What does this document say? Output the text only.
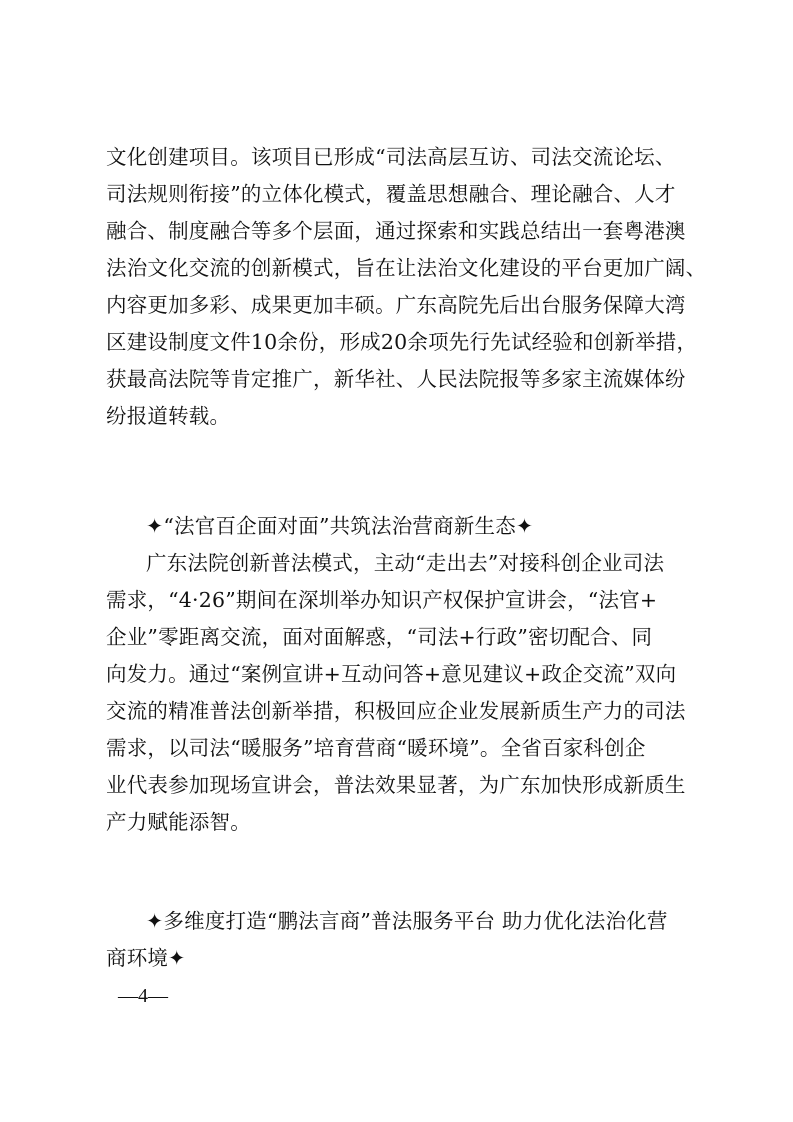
文化创建项目。该项目已形成“司法高层互访、司法交流论坛、
司法规则衔接”的立体化模式，覆盖思想融合、理论融合、人才
融合、制度融合等多个层面，通过探索和实践总结出一套粤港澳
法治文化交流的创新模式，旨在让法治文化建设的平台更加广阔、
内容更加多彩、成果更加丰硕。广东高院先后出台服务保障大湾
区建设制度文件10余份，形成20余项先行先试经验和创新举措，
获最高法院等肯定推广，新华社、人民法院报等多家主流媒体纷
纷报道转载。
✦“法官百企面对面”共筑法治营商新生态✦
广东法院创新普法模式，主动“走出去”对接科创企业司法
需求，“4·26”期间在深圳举办知识产权保护宣讲会，“法官+
企业”零距离交流，面对面解惑，“司法+行政”密切配合、同
向发力。通过“案例宣讲+互动问答+意见建议+政企交流”双向
交流的精准普法创新举措，积极回应企业发展新质生产力的司法
需求，以司法“暖服务”培育营商“暖环境”。全省百家科创企
业代表参加现场宣讲会，普法效果显著，为广东加快形成新质生
产力赋能添智。
✦多维度打造“鹏法言商”普法服务平台 助力优化法治化营
商环境✦
—4—
